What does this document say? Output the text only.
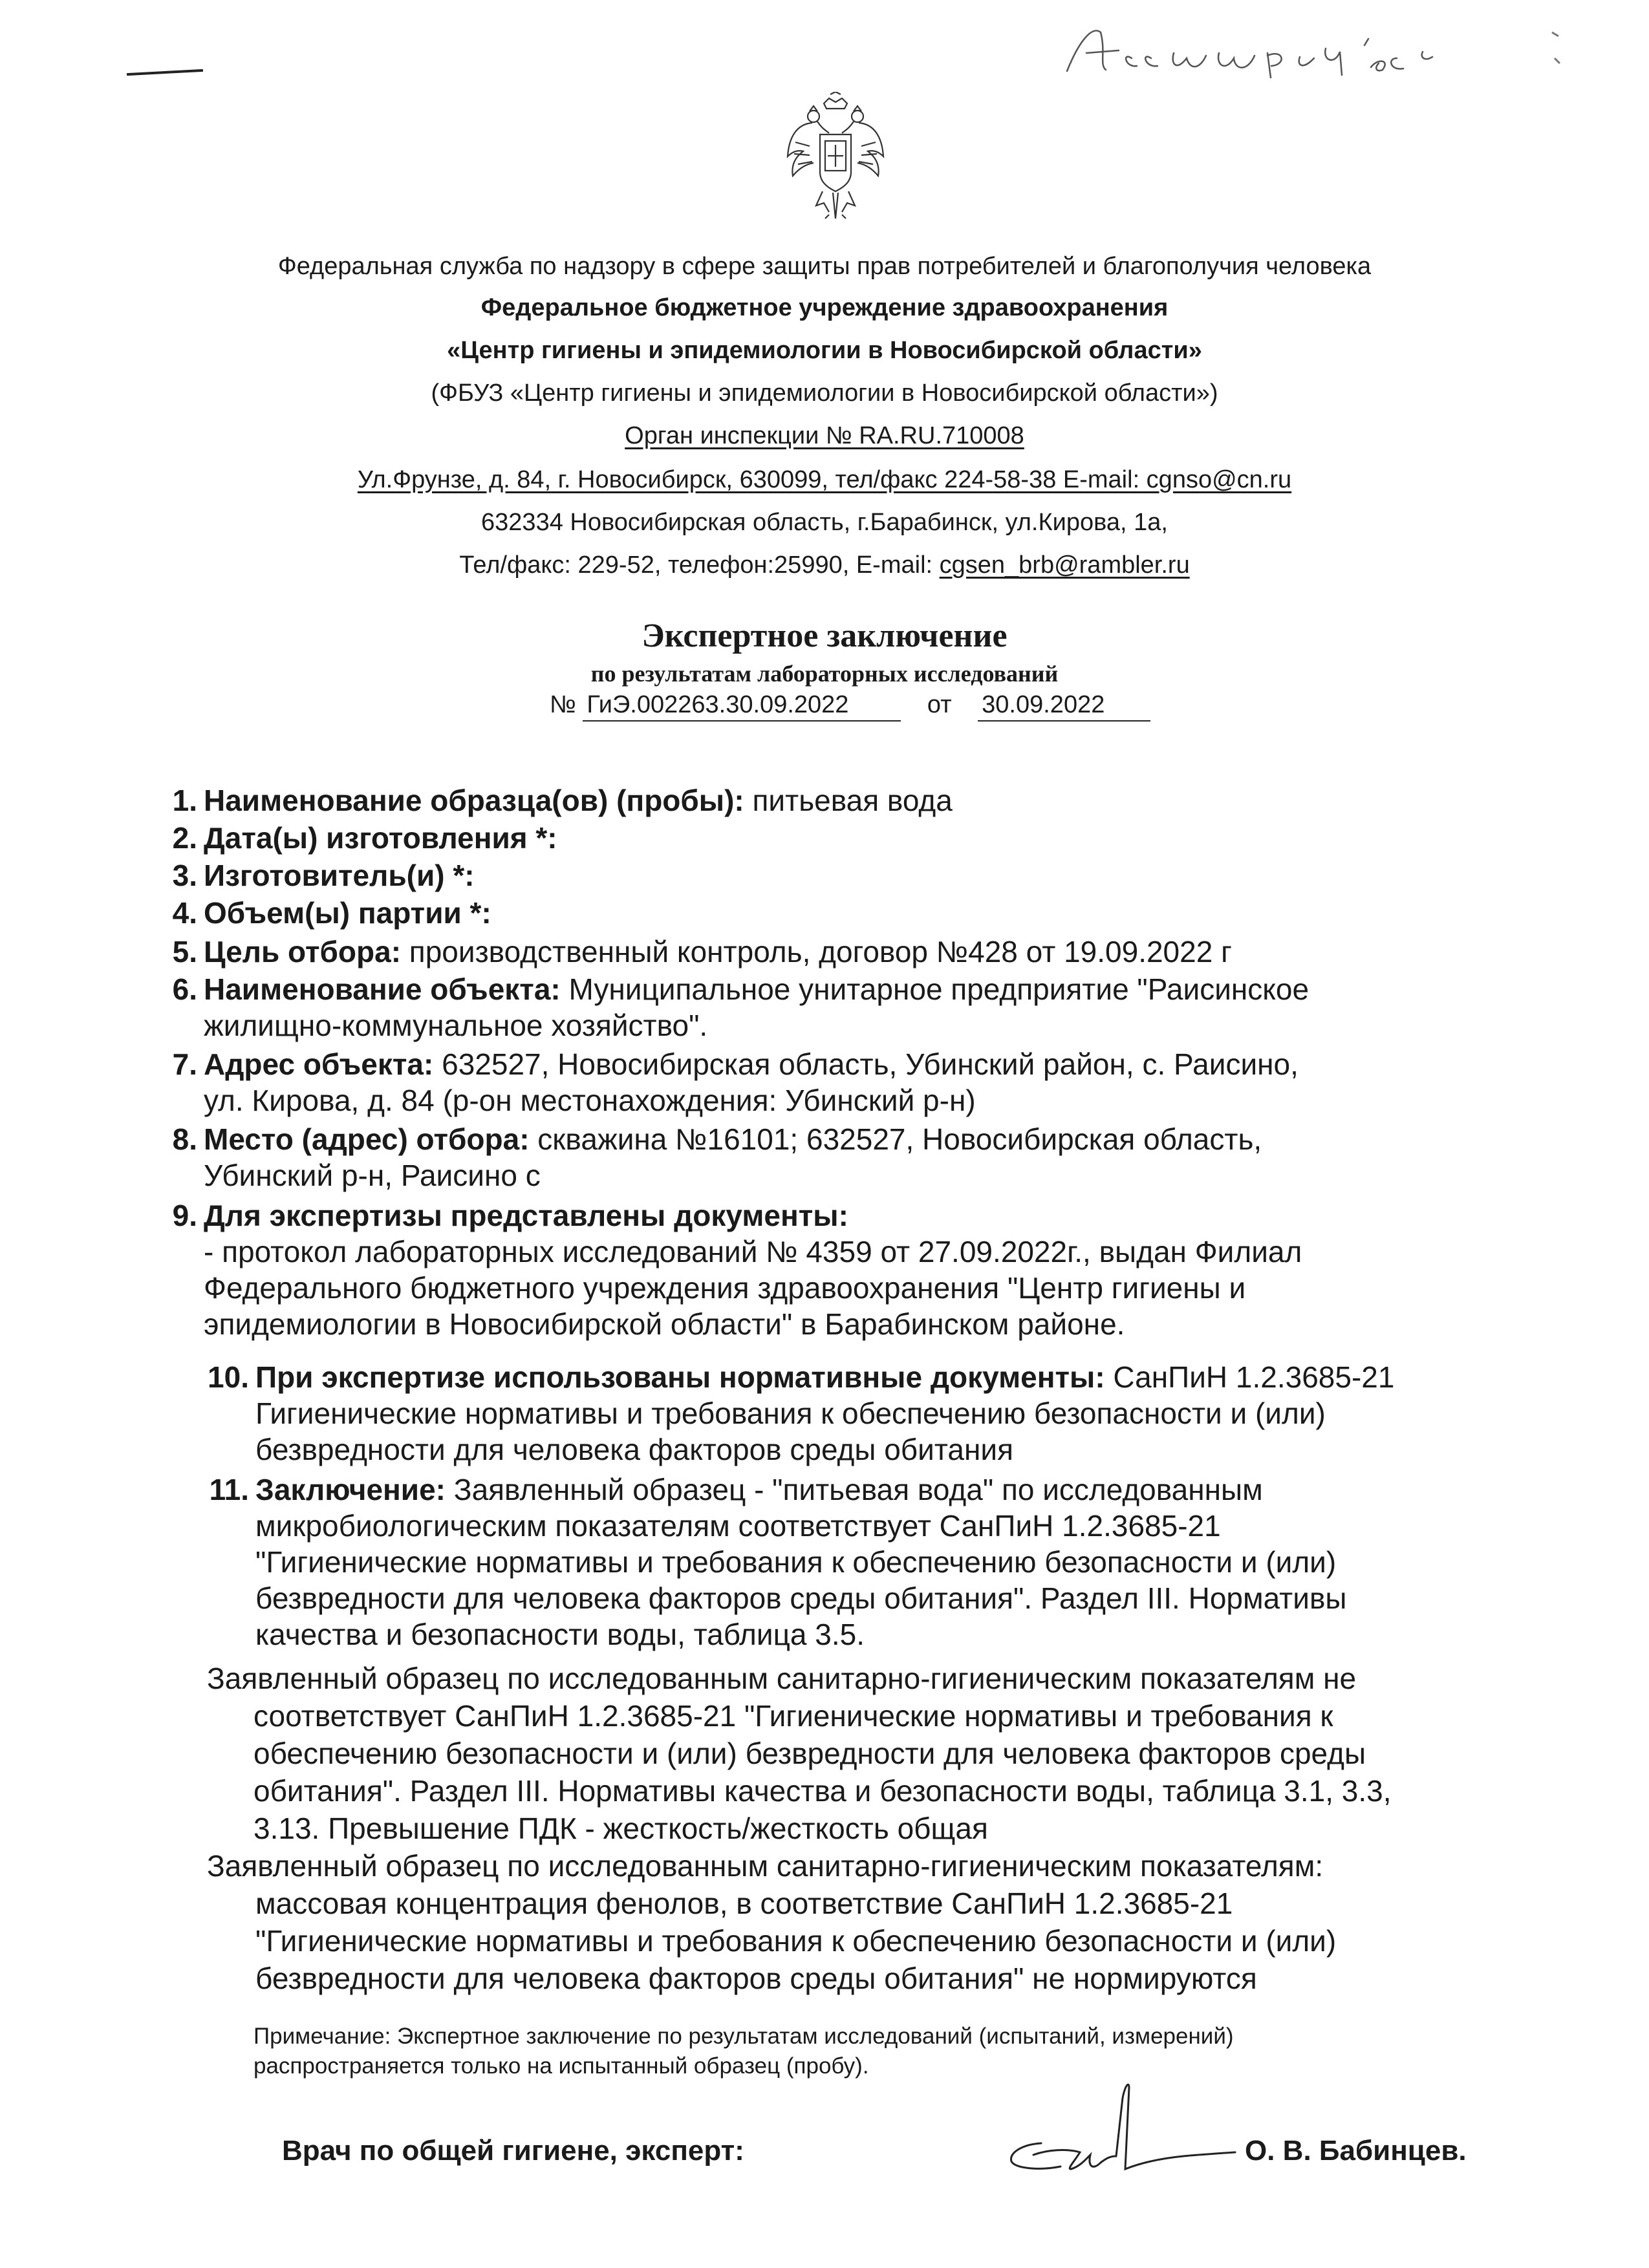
Федеральная служба по надзору в сфере защиты прав потребителей и благополучия человека
Федеральное бюджетное учреждение здравоохранения
«Центр гигиены и эпидемиологии в Новосибирской области»
(ФБУЗ «Центр гигиены и эпидемиологии в Новосибирской области»)
Орган инспекции № RA.RU.710008
Ул.Фрунзе, д. 84, г. Новосибирск, 630099, тел/факс 224-58-38 E-mail: cgnso@cn.ru
632334 Новосибирская область, г.Барабинск, ул.Кирова, 1а,
Тел/факс: 229-52, телефон:25990, E-mail: cgsen_brb@rambler.ru
Экспертное заключение
по результатам лабораторных исследований
№ ГиЭ.002263.30.09.2022	от 30.09.2022
1. Наименование образца(ов) (пробы): питьевая вода
2. Дата(ы) изготовления *:
3. Изготовитель(и) *:
4. Объем(ы) партии *:
5. Цель отбора: производственный контроль, договор №428 от 19.09.2022 г
6. Наименование объекта: Муниципальное унитарное предприятие "Раисинское
жилищно-коммунальное хозяйство".
7. Адрес объекта: 632527, Новосибирская область, Убинский район, с. Раисино,
ул. Кирова, д. 84 (р-он местонахождения: Убинский р-н)
8. Место (адрес) отбора: скважина №16101; 632527, Новосибирская область,
Убинский р-н, Раисино с
9. Для экспертизы представлены документы:
- протокол лабораторных исследований № 4359 от 27.09.2022г., выдан Филиал
Федерального бюджетного учреждения здравоохранения "Центр гигиены и
эпидемиологии в Новосибирской области" в Барабинском районе.
10. При экспертизе использованы нормативные документы: СанПиН 1.2.3685-21
Гигиенические нормативы и требования к обеспечению безопасности и (или)
безвредности для человека факторов среды обитания
11. Заключение: Заявленный образец - "питьевая вода" по исследованным
микробиологическим показателям соответствует СанПиН 1.2.3685-21
"Гигиенические нормативы и требования к обеспечению безопасности и (или)
безвредности для человека факторов среды обитания". Раздел III. Нормативы
качества и безопасности воды, таблица 3.5.
Заявленный образец по исследованным санитарно-гигиеническим показателям не
соответствует СанПиН 1.2.3685-21 "Гигиенические нормативы и требования к
обеспечению безопасности и (или) безвредности для человека факторов среды
обитания". Раздел III. Нормативы качества и безопасности воды, таблица 3.1, 3.3,
3.13. Превышение ПДК - жесткость/жесткость общая
Заявленный образец по исследованным санитарно-гигиеническим показателям:
массовая концентрация фенолов, в соответствие СанПиН 1.2.3685-21
"Гигиенические нормативы и требования к обеспечению безопасности и (или)
безвредности для человека факторов среды обитания" не нормируются
Примечание: Экспертное заключение по результатам исследований (испытаний, измерений)
распространяется только на испытанный образец (пробу).
Врач по общей гигиене, эксперт:	О. В. Бабинцев.
